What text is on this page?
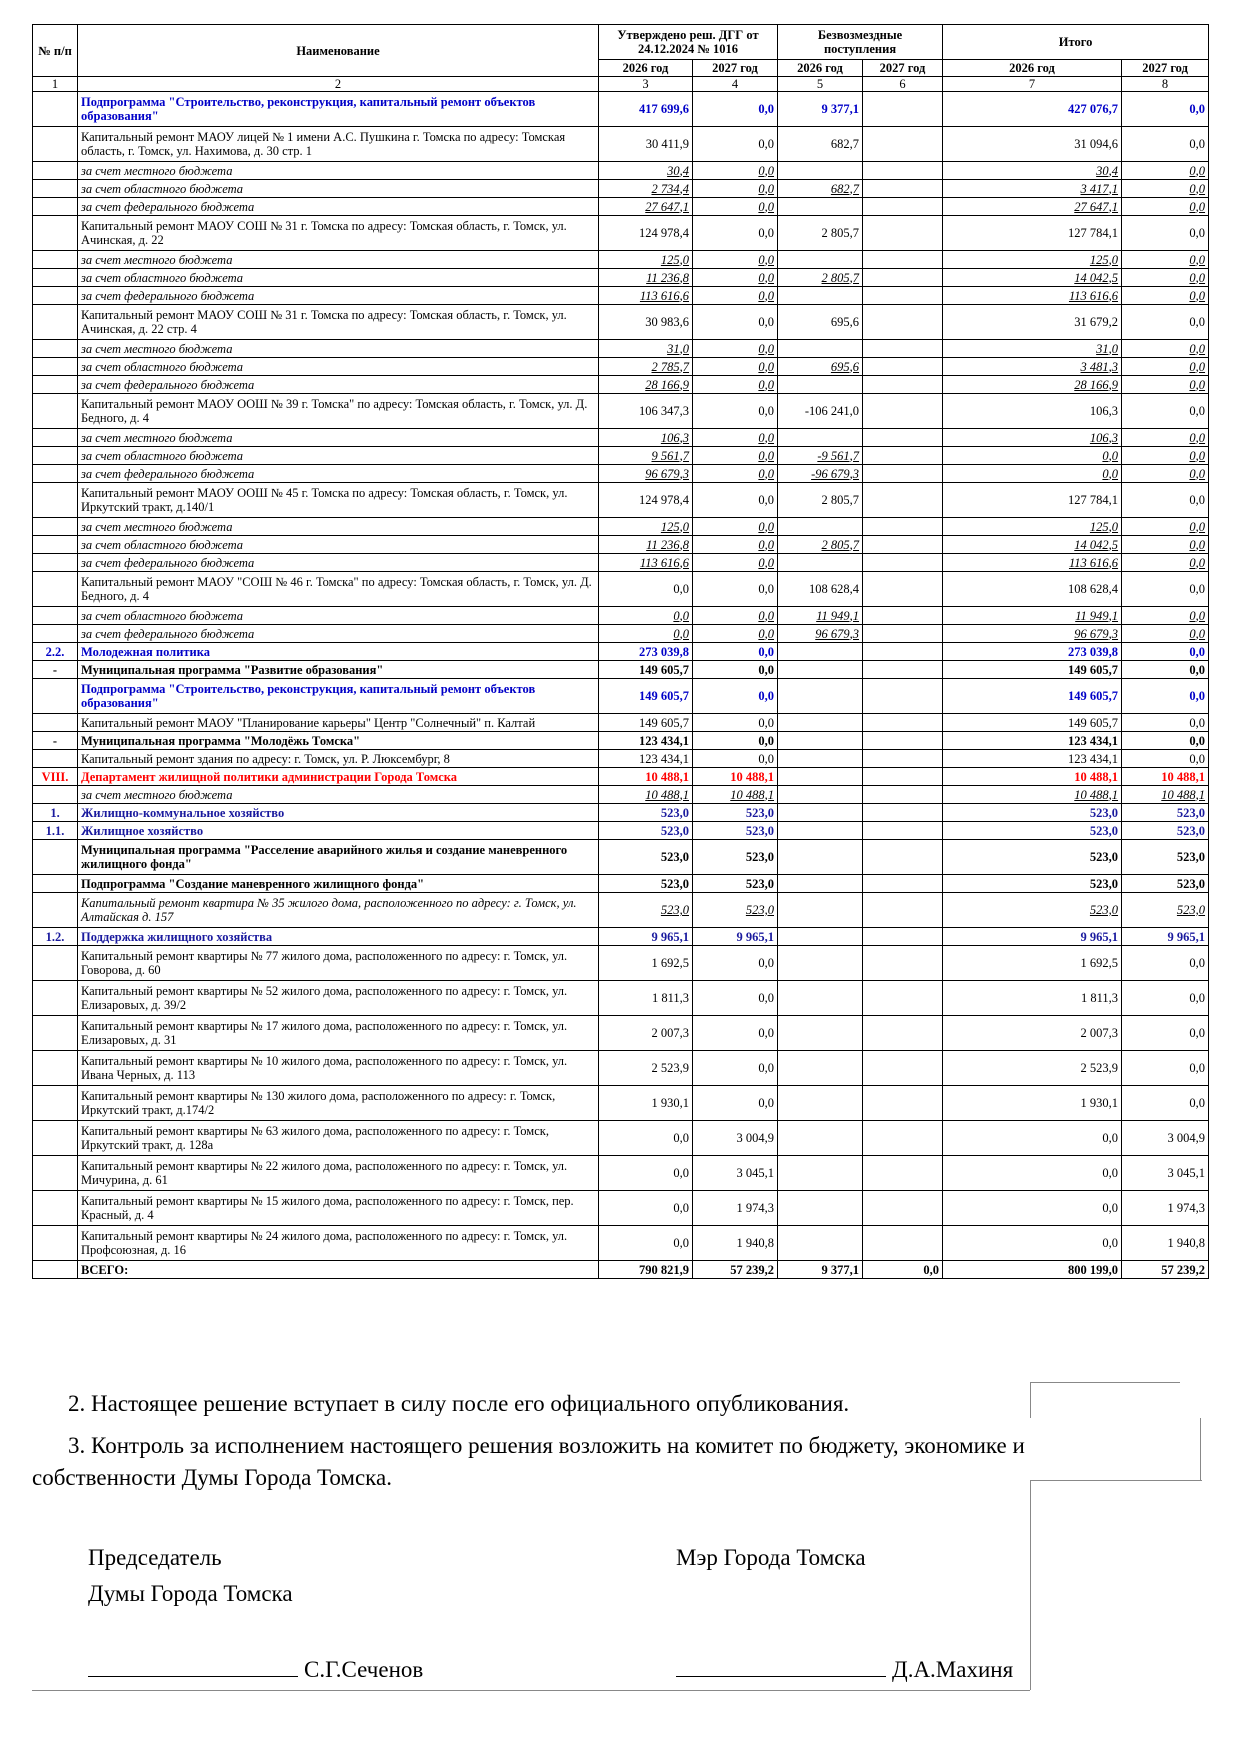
№ п/п	Наименование	Утверждено реш. ДГГ от 24.12.2024 № 1016		Безвозмездные поступления		Итого	
		2026 год	2027 год	2026 год	2027 год	2026 год	2027 год
1	2	3	4	5	6	7	8
	Подпрограмма "Строительство, реконструкция, капитальный ремонт объектов образования"	417 699,6	0,0	9 377,1		427 076,7	0,0
	Капитальный ремонт МАОУ лицей № 1 имени А.С. Пушкина г. Томска по адресу: Томская область, г. Томск, ул. Нахимова, д. 30 стр. 1	30 411,9	0,0	682,7		31 094,6	0,0
	за счет местного бюджета	30,4	0,0			30,4	0,0
	за счет областного бюджета	2 734,4	0,0	682,7		3 417,1	0,0
	за счет федерального бюджета	27 647,1	0,0			27 647,1	0,0
	Капитальный ремонт МАОУ СОШ № 31 г. Томска по адресу: Томская область, г. Томск, ул. Ачинская, д. 22	124 978,4	0,0	2 805,7		127 784,1	0,0
	за счет местного бюджета	125,0	0,0			125,0	0,0
	за счет областного бюджета	11 236,8	0,0	2 805,7		14 042,5	0,0
	за счет федерального бюджета	113 616,6	0,0			113 616,6	0,0
	Капитальный ремонт МАОУ СОШ № 31 г. Томска по адресу: Томская область, г. Томск, ул. Ачинская, д. 22 стр. 4	30 983,6	0,0	695,6		31 679,2	0,0
	за счет местного бюджета	31,0	0,0			31,0	0,0
	за счет областного бюджета	2 785,7	0,0	695,6		3 481,3	0,0
	за счет федерального бюджета	28 166,9	0,0			28 166,9	0,0
	Капитальный ремонт МАОУ ООШ № 39 г. Томска" по адресу: Томская область, г. Томск, ул. Д. Бедного, д. 4	106 347,3	0,0	-106 241,0		106,3	0,0
	за счет местного бюджета	106,3	0,0			106,3	0,0
	за счет областного бюджета	9 561,7	0,0	-9 561,7		0,0	0,0
	за счет федерального бюджета	96 679,3	0,0	-96 679,3		0,0	0,0
	Капитальный ремонт МАОУ ООШ № 45 г. Томска по адресу: Томская область, г. Томск, ул. Иркутский тракт, д.140/1	124 978,4	0,0	2 805,7		127 784,1	0,0
	за счет местного бюджета	125,0	0,0			125,0	0,0
	за счет областного бюджета	11 236,8	0,0	2 805,7		14 042,5	0,0
	за счет федерального бюджета	113 616,6	0,0			113 616,6	0,0
	Капитальный ремонт МАОУ "СОШ № 46 г. Томска" по адресу: Томская область, г. Томск, ул. Д. Бедного, д. 4	0,0	0,0	108 628,4		108 628,4	0,0
	за счет областного бюджета	0,0	0,0	11 949,1		11 949,1	0,0
	за счет федерального бюджета	0,0	0,0	96 679,3		96 679,3	0,0
2.2.	Молодежная политика	273 039,8	0,0			273 039,8	0,0
-	Муниципальная программа "Развитие образования"	149 605,7	0,0			149 605,7	0,0
	Подпрограмма "Строительство, реконструкция, капитальный ремонт объектов образования"	149 605,7	0,0			149 605,7	0,0
	Капитальный ремонт МАОУ "Планирование карьеры" Центр "Солнечный" п. Калтай	149 605,7	0,0			149 605,7	0,0
-	Муниципальная программа "Молодёжь Томска"	123 434,1	0,0			123 434,1	0,0
	Капитальный ремонт здания по адресу: г. Томск, ул. Р. Люксембург, 8	123 434,1	0,0			123 434,1	0,0
VIII.	Департамент жилищной политики администрации Города Томска	10 488,1	10 488,1			10 488,1	10 488,1
	за счет местного бюджета	10 488,1	10 488,1			10 488,1	10 488,1
1.	Жилищно-коммунальное хозяйство	523,0	523,0			523,0	523,0
1.1.	Жилищное хозяйство	523,0	523,0			523,0	523,0
	Муниципальная программа "Расселение аварийного жилья и создание маневренного жилищного фонда"	523,0	523,0			523,0	523,0
	Подпрограмма "Создание маневренного жилищного фонда"	523,0	523,0			523,0	523,0
	Капитальный ремонт квартира № 35 жилого дома, расположенного по адресу: г. Томск, ул. Алтайская д. 157	523,0	523,0			523,0	523,0
1.2.	Поддержка жилищного хозяйства	9 965,1	9 965,1			9 965,1	9 965,1
	Капитальный ремонт квартиры № 77 жилого дома, расположенного по адресу: г. Томск, ул. Говорова, д. 60	1 692,5	0,0			1 692,5	0,0
	Капитальный ремонт квартиры № 52 жилого дома, расположенного по адресу: г. Томск, ул. Елизаровых, д. 39/2	1 811,3	0,0			1 811,3	0,0
	Капитальный ремонт квартиры № 17 жилого дома, расположенного по адресу: г. Томск, ул. Елизаровых, д. 31	2 007,3	0,0			2 007,3	0,0
	Капитальный ремонт квартиры № 10 жилого дома, расположенного по адресу: г. Томск, ул. Ивана Черных, д. 113	2 523,9	0,0			2 523,9	0,0
	Капитальный ремонт квартиры № 130 жилого дома, расположенного по адресу: г. Томск, Иркутский тракт, д.174/2	1 930,1	0,0			1 930,1	0,0
	Капитальный ремонт квартиры № 63 жилого дома, расположенного по адресу: г. Томск, Иркутский тракт, д. 128а	0,0	3 004,9			0,0	3 004,9
	Капитальный ремонт квартиры № 22 жилого дома, расположенного по адресу: г. Томск, ул. Мичурина, д. 61	0,0	3 045,1			0,0	3 045,1
	Капитальный ремонт квартиры № 15 жилого дома, расположенного по адресу: г. Томск, пер. Красный, д. 4	0,0	1 974,3			0,0	1 974,3
	Капитальный ремонт квартиры № 24 жилого дома, расположенного по адресу: г. Томск, ул. Профсоюзная, д. 16	0,0	1 940,8			0,0	1 940,8
	ВСЕГО:	790 821,9	57 239,2	9 377,1	0,0	800 199,0	57 239,2
2. Настоящее решение вступает в силу после его официального опубликования.
3. Контроль за исполнением настоящего решения возложить на комитет по бюджету, экономике и
собственности Думы Города Томска.
Председатель
Думы Города Томска
С.Г.Сеченов
Мэр Города Томска
Д.А.Махиня
